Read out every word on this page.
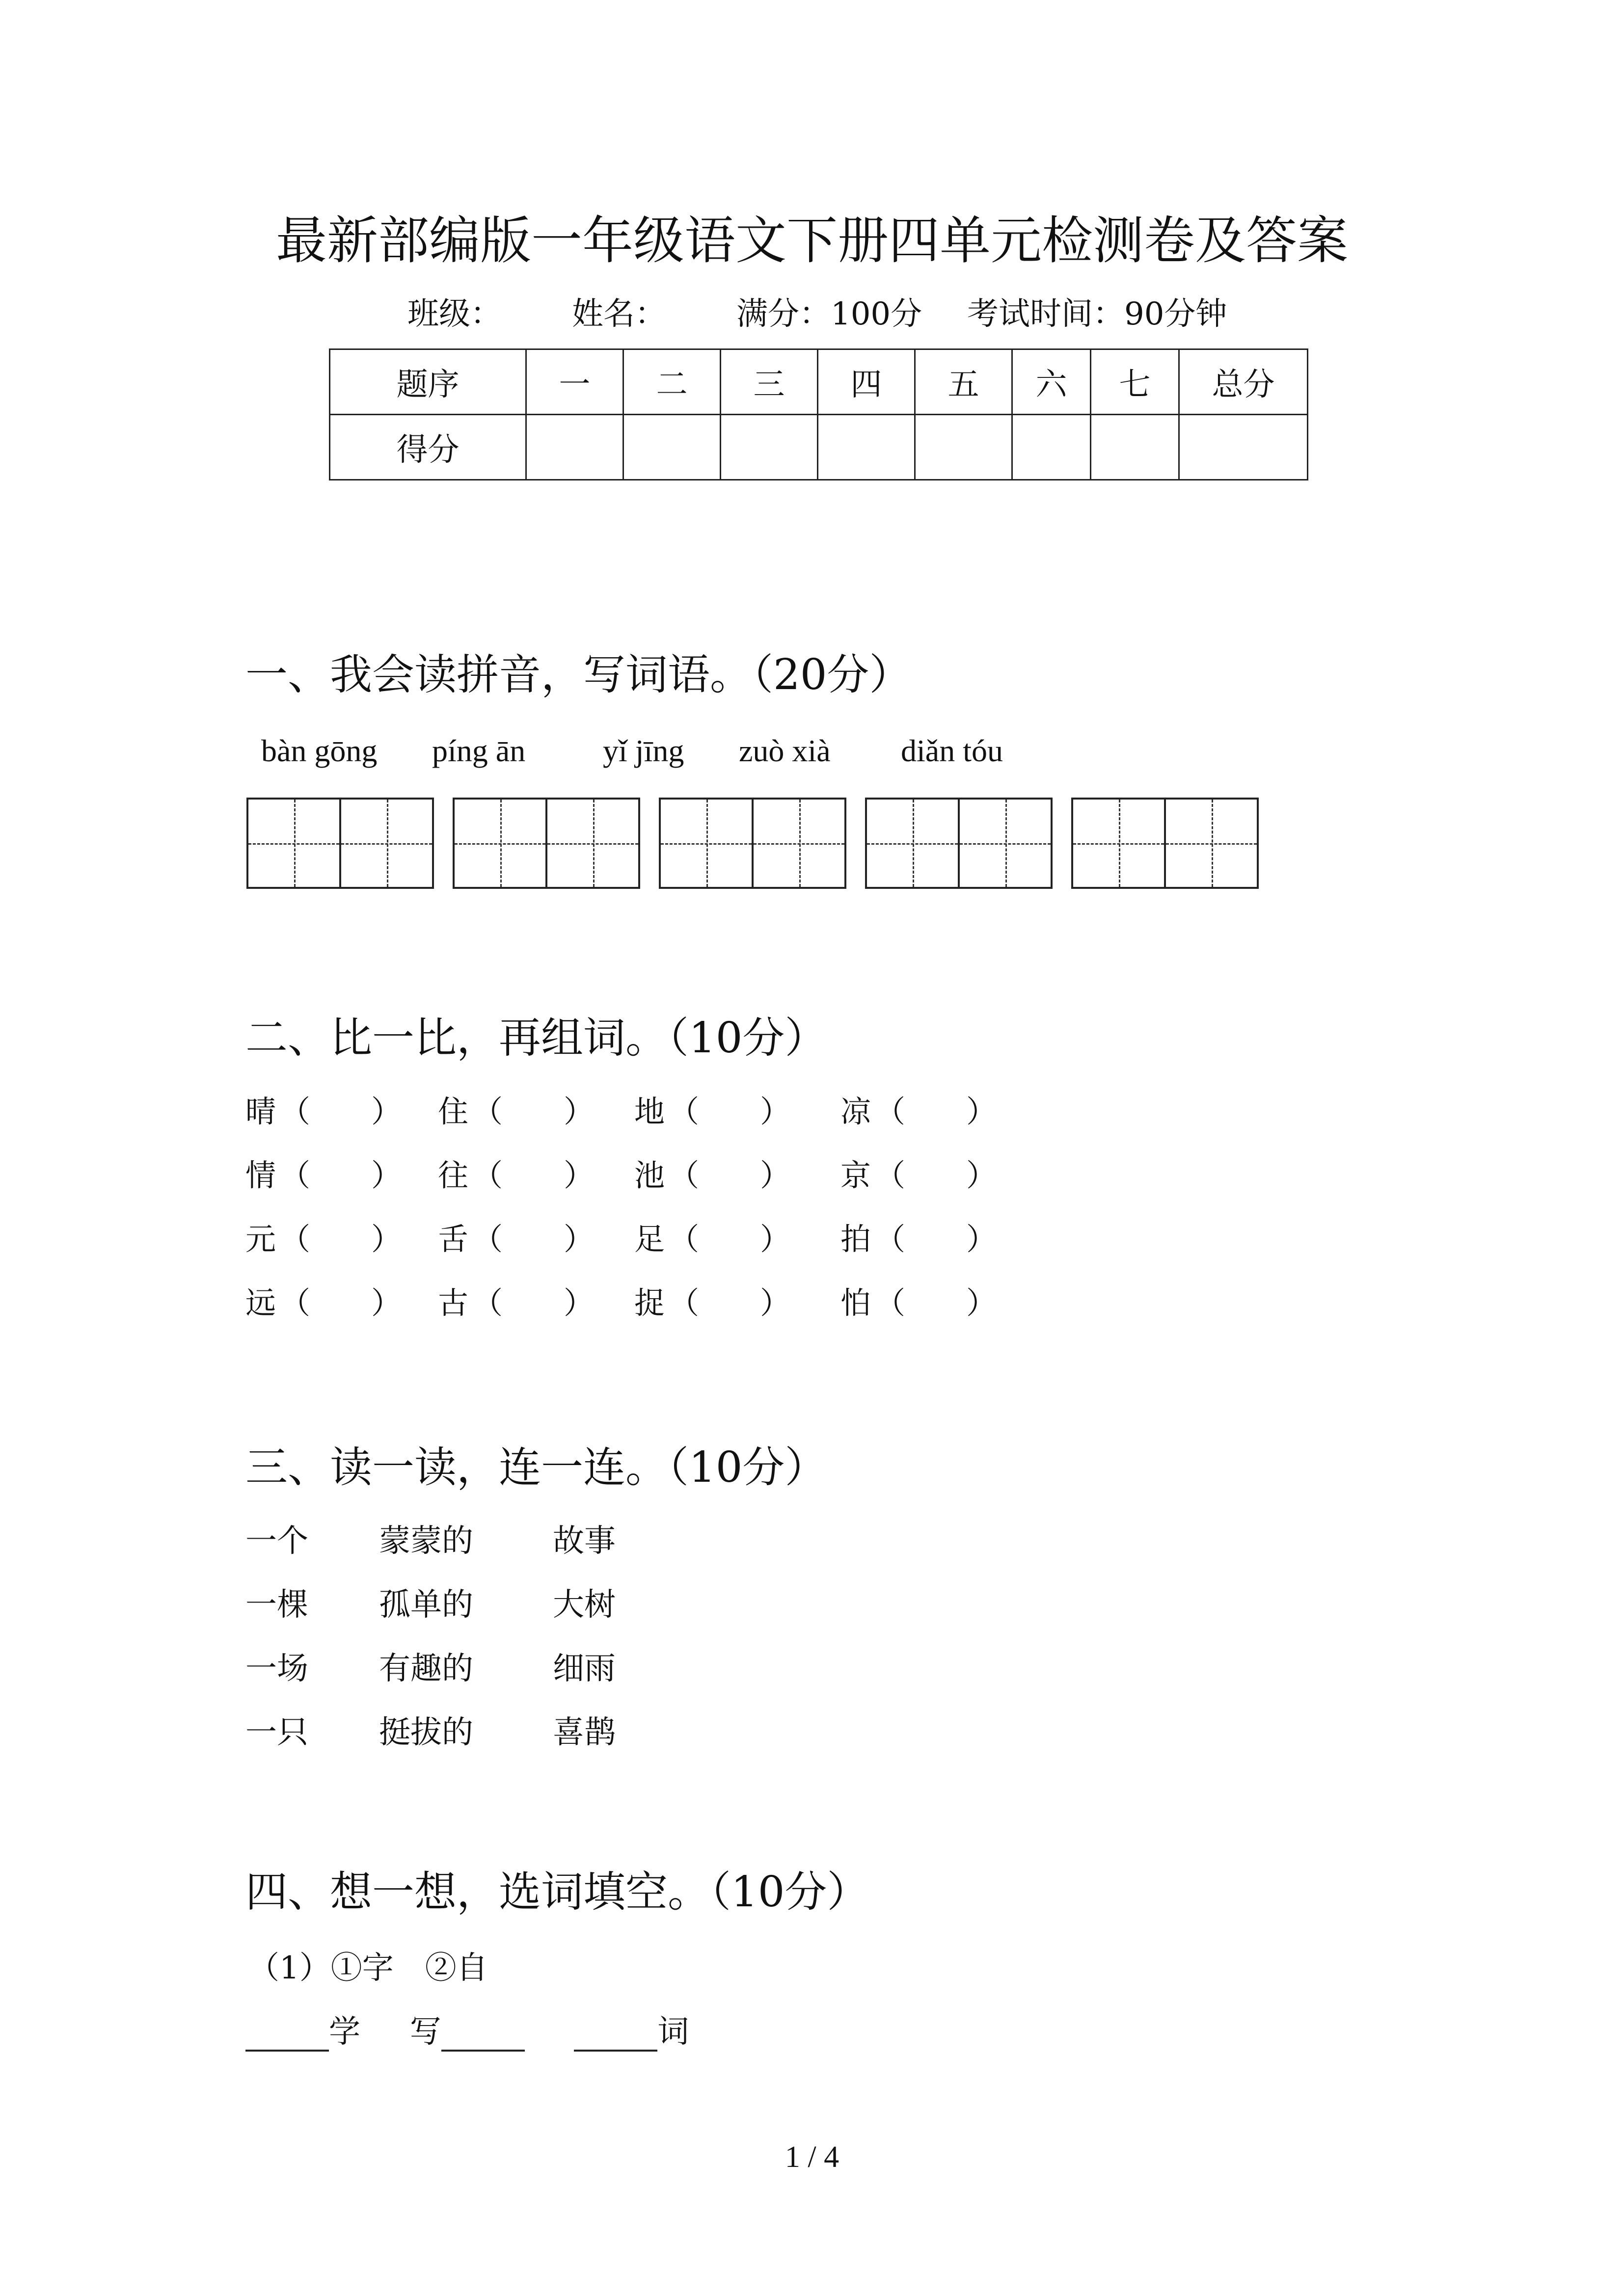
最新部编版一年级语文下册四单元检测卷及答案
班级： 姓名： 满分：100分 考试时间：90分钟
题序	一	二	三	四	五	六	七	总分
得分								
一、我会读拼音，写词语。（20分）
bàn gōng píng ān yǐ jīng zuò xià diǎn tóu
二、比一比，再组词。（10分）
晴 （　　） 住 （　　） 地 （　　） 凉 （　　）
情 （　　） 往 （　　） 池 （　　） 京 （　　）
元 （　　） 舌 （　　） 足 （　　） 拍 （　　）
远 （　　） 古 （　　） 捉 （　　） 怕 （　　）
三、读一读，连一连。（10分）
一个 蒙蒙的	故事
一棵 孤单的	大树
一场 有趣的	细雨
一只 挺拔的	喜鹊
四、想一想，选词填空。（10分）
（1）①字　②自
学 写	词
1 / 4
